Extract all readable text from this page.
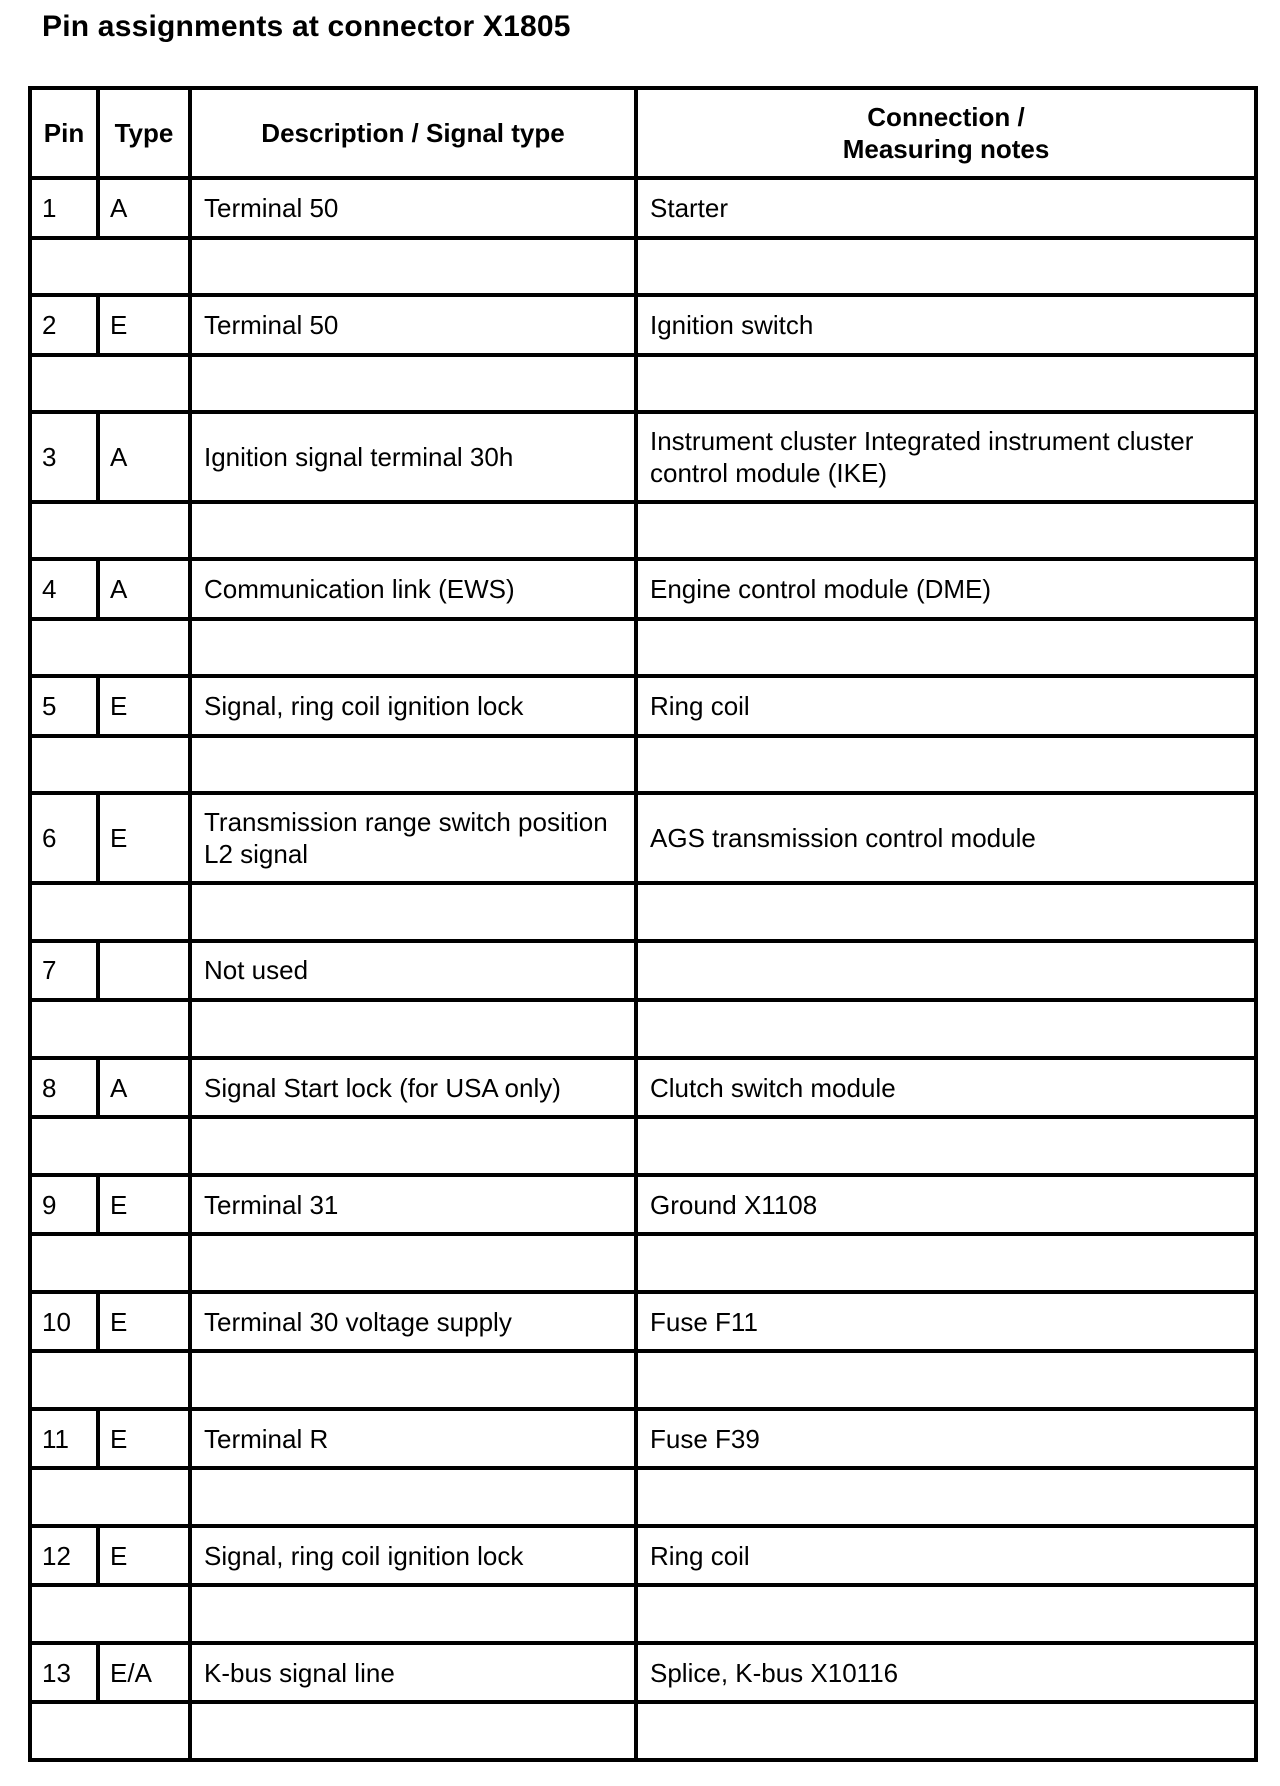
Pin assignments at connector X1805
Pin	Type	Description / Signal type	Connection /
Measuring notes
1	A	Terminal 50	Starter

2	E	Terminal 50	Ignition switch

3	A	Ignition signal terminal 30h	Instrument cluster Integrated instrument cluster control module (IKE)

4	A	Communication link (EWS)	Engine control module (DME)

5	E	Signal, ring coil ignition lock	Ring coil

6	E	Transmission range switch position L2 signal	AGS transmission control module

7		Not used	

8	A	Signal Start lock (for USA only)	Clutch switch module

9	E	Terminal 31	Ground X1108

10	E	Terminal 30 voltage supply	Fuse F11

11	E	Terminal R	Fuse F39

12	E	Signal, ring coil ignition lock	Ring coil

13	E/A	K-bus signal line	Splice, K-bus X10116
